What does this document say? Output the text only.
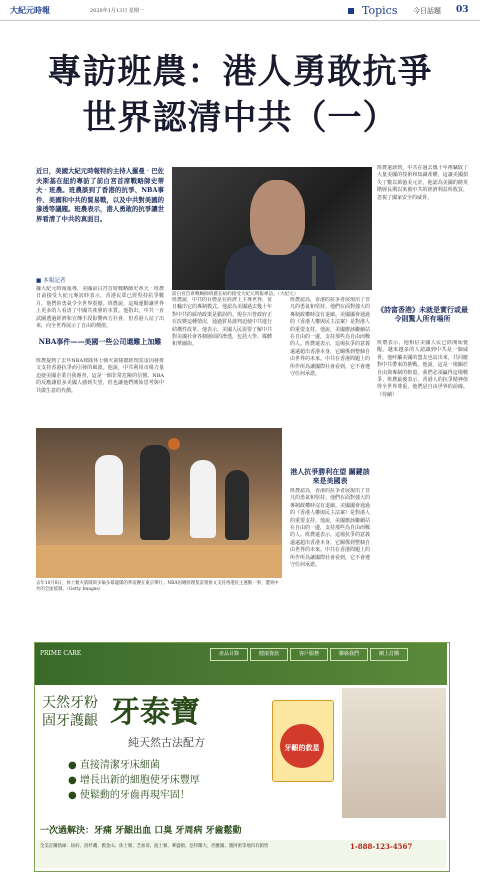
大紀元時報	2020年1月13日 星期一	Topics 今日話題 03
專訪班農：港人勇敢抗爭
世界認清中共（一）
近日，美國大紀元時報特約主持人羅曼‧巴佐夫斯基在紐約專訪了前白宮首席戰略師史蒂夫‧班農。班農談到了香港的抗爭、NBA事件、美國和中共的貿易戰，以及中共對美國的滲透等議題。班農表示，港人勇敢的抗爭讓世界看清了中共的真面目。
■ 本報記者
據大紀元時報報導，美國前白宮首席戰略師史蒂夫‧班農日前接受大紀元專訪時表示，香港民眾已經堅持抗爭數月，他們的勇氣令全世界震撼。班農說，這場運動讓世界上更多的人看清了中國共產黨的本質。他指出，中共一直試圖透過經濟和宣傳手段影響西方社會，但香港人站了出來，向全世界展示了自由的價值。
NBA事件——美國一些公司還難上加難
班農提到了去年NBA球隊休士頓火箭隊總經理莫雷因發推文支持香港抗爭而引發的風波。他說，中共利用市場力量迫使美國企業自我審查，這是一個非常危險的信號。NBA的反應讓很多美國人感到失望，但也讓他們開始思考與中共做生意的代價。
前白宮首席戰略師班農在紐約接受大紀元時報專訪。（大紀元）
班農說，中共的目標是在經濟上主導世界，並且輸出它的專制模式。他認為美國過去幾十年對中共的綏靖政策是錯誤的。現在川普政府正在改變這種情況，通過貿易談判迫使中共進行結構性改革。他表示，美國人民需要了解中共對美國社會各個層面的滲透，包括大學、媒體和華爾街。
去年10月8日，休士頓火箭隊與多倫多暴龍隊的季前賽在東京舉行。NBA因總經理莫雷發推文支持香港民主運動一事，遭到中共的全面抵制。（Getty Images）
班農認為，香港的抗爭者展現出了非凡的勇氣和堅持。他們在面對強大的專制政權時沒有退縮。美國國會通過的《香港人權與民主法案》是對港人的重要支持。他說，美國應該繼續站在自由的一邊，支持那些為自由而戰的人。班農還表示，這場抗爭的意義遠遠超出香港本身，它關係到整個自由世界的未來。中共在香港問題上的所作所為讓國際社會看到，它不會遵守任何承諾。
港人抗爭勝利在望 關鍵該來是美國表
班農認為，香港的抗爭者展現出了非凡的勇氣和堅持。他們在面對強大的專制政權時沒有退縮。美國國會通過的《香港人權與民主法案》是對港人的重要支持。他說，美國應該繼續站在自由的一邊，支持那些為自由而戰的人。班農還表示，這場抗爭的意義遠遠超出香港本身，它關係到整個自由世界的未來。中共在香港問題上的所作所為讓國際社會看到，它不會遵守任何承諾。
班農還談到，中共在過去幾十年裡竊取了大量美國的技術和知識產權，這讓美國損失了數以萬億美元計。他認為美國的精英階層長期以來被中共的經濟利益所收買，忽視了國家安全的威脅。
《詩富香港》未就是實行或最令則驚人所有場所
班農表示，他相信美國人民已經開始覺醒。越來越多的人認識到中共是一個威脅。他呼籲美國的盟友也站出來，共同應對中共帶來的挑戰。他說，這是一場關於自由與專制的較量，我們必須贏得這場戰爭。班農最後表示，香港人的抗爭精神值得全世界尊重，他們是自由世界的前線。（待續）
PRIME CARE	產品目錄	健康資訊	客戶服務	聯絡我們	網上訂購
天然牙粉
固牙護齦 牙泰寶
純天然古法配方
● 直接清潔牙床細菌
● 增長出新的細胞使牙床豐厚
● 使鬆動的牙齒再現牢固！
牙齦的救星
一次過解決：牙痛 牙龈出血 口臭 牙周病 牙齒鬆動
全美訂購熱線：紐約、洛杉磯、舊金山、休士頓、芝加哥、波士頓、華盛頓、亞特蘭大、西雅圖、邁阿密等地均有銷售	1-888-123-4567
